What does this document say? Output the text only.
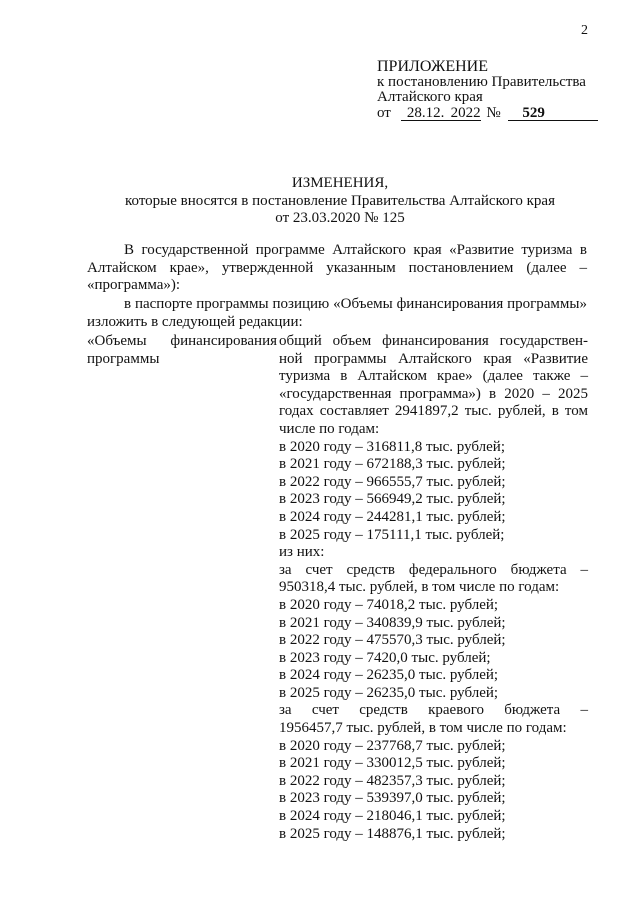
2
ПРИЛОЖЕНИЕ
к постановлению Правительства
Алтайского края
от 28.12. 2022 № 529
ИЗМЕНЕНИЯ,
которые вносятся в постановление Правительства Алтайского края
от 23.03.2020 № 125
В государственной программе Алтайского края «Развитие туризма в
Алтайском крае», утвержденной указанным постановлением (далее –
«программа»):
в паспорте программы позицию «Объемы финансирования программы»
изложить в следующей редакции:
«Объемы финансирования
программы
общий объем финансирования государствен-
ной программы Алтайского края «Развитие
туризма в Алтайском крае» (далее также –
«государственная программа») в 2020 – 2025
годах составляет 2941897,2 тыс. рублей, в том
числе по годам:
в 2020 году – 316811,8 тыс. рублей;
в 2021 году – 672188,3 тыс. рублей;
в 2022 году – 966555,7 тыс. рублей;
в 2023 году – 566949,2 тыс. рублей;
в 2024 году – 244281,1 тыс. рублей;
в 2025 году – 175111,1 тыс. рублей;
из них:
за счет средств федерального бюджета –
950318,4 тыс. рублей, в том числе по годам:
в 2020 году – 74018,2 тыс. рублей;
в 2021 году – 340839,9 тыс. рублей;
в 2022 году – 475570,3 тыс. рублей;
в 2023 году – 7420,0 тыс. рублей;
в 2024 году – 26235,0 тыс. рублей;
в 2025 году – 26235,0 тыс. рублей;
за счет средств краевого бюджета –
1956457,7 тыс. рублей, в том числе по годам:
в 2020 году – 237768,7 тыс. рублей;
в 2021 году – 330012,5 тыс. рублей;
в 2022 году – 482357,3 тыс. рублей;
в 2023 году – 539397,0 тыс. рублей;
в 2024 году – 218046,1 тыс. рублей;
в 2025 году – 148876,1 тыс. рублей;
